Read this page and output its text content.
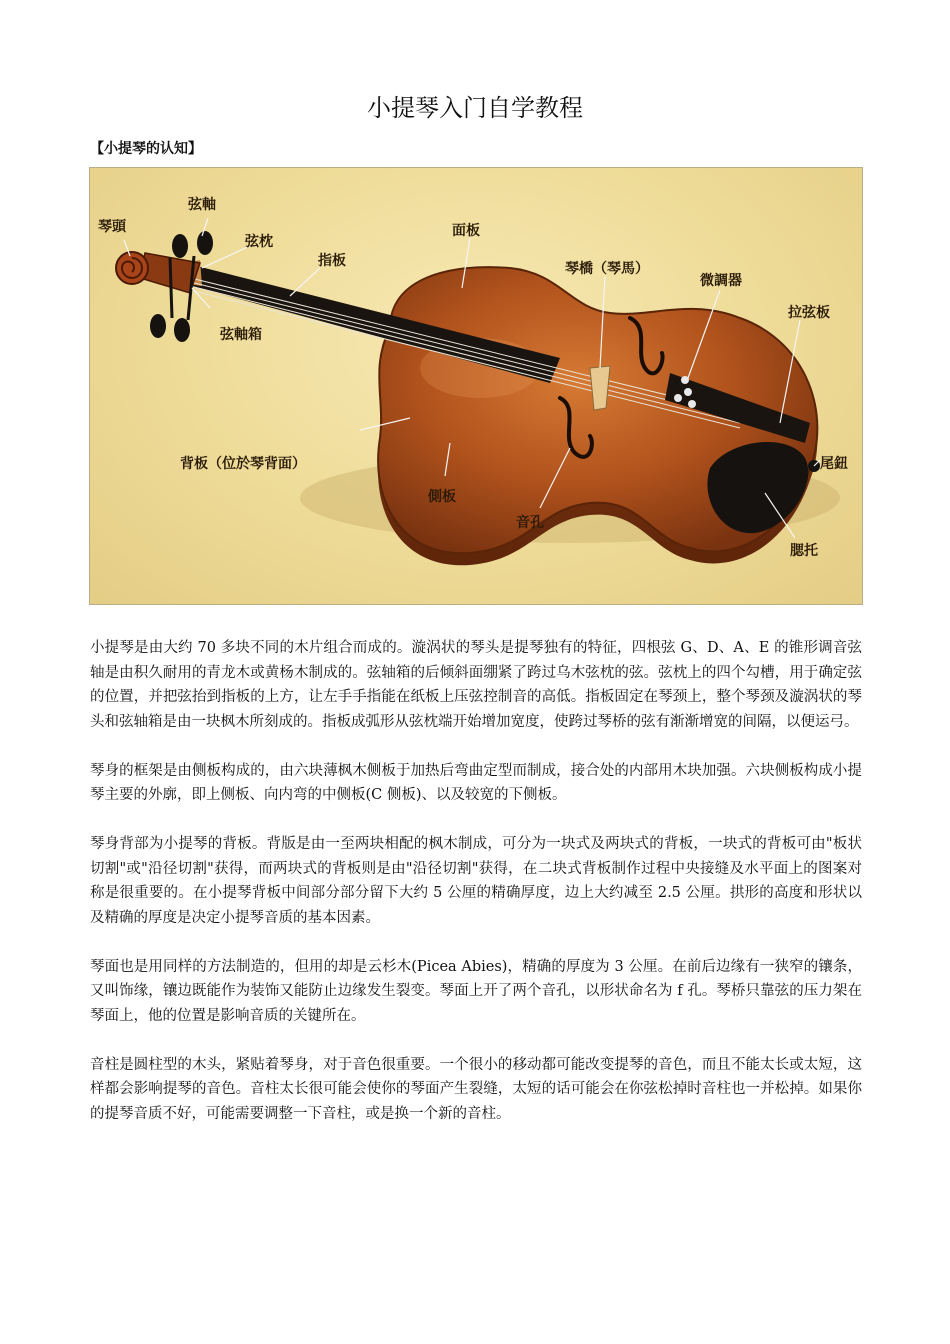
小提琴入门自学教程
【小提琴的认知】
琴頭
弦軸
弦枕
指板
面板
琴橋（琴馬）
微調器
拉弦板
弦軸箱
背板（位於琴背面）
側板
音孔
尾鈕
腮托

小提琴是由大约 70 多块不同的木片组合而成的。漩涡状的琴头是提琴独有的特征，四根弦 G、D、A、E 的锥形调音弦轴是由积久耐用的青龙木或黄杨木制成的。弦轴箱的后倾斜面绷紧了跨过乌木弦枕的弦。弦枕上的四个勾槽，用于确定弦的位置，并把弦抬到指板的上方，让左手手指能在纸板上压弦控制音的高低。指板固定在琴颈上，整个琴颈及漩涡状的琴头和弦轴箱是由一块枫木所刻成的。指板成弧形从弦枕端开始增加宽度，使跨过琴桥的弦有渐渐增宽的间隔，以便运弓。

琴身的框架是由侧板构成的，由六块薄枫木侧板于加热后弯曲定型而制成，接合处的内部用木块加强。六块侧板构成小提琴主要的外廓，即上侧板、向内弯的中侧板(C 侧板)、以及较宽的下侧板。

琴身背部为小提琴的背板。背版是由一至两块相配的枫木制成，可分为一块式及两块式的背板，一块式的背板可由"板状切割"或"沿径切割"获得，而两块式的背板则是由"沿径切割"获得，在二块式背板制作过程中央接缝及水平面上的图案对称是很重要的。在小提琴背板中间部分部分留下大约 5 公厘的精确厚度，边上大约减至 2.5 公厘。拱形的高度和形状以及精确的厚度是决定小提琴音质的基本因素。

琴面也是用同样的方法制造的，但用的却是云杉木(Picea Abies)，精确的厚度为 3 公厘。在前后边缘有一狭窄的镶条，又叫饰缘，镶边既能作为装饰又能防止边缘发生裂变。琴面上开了两个音孔，以形状命名为 f 孔。琴桥只靠弦的压力架在琴面上，他的位置是影响音质的关键所在。

音柱是圆柱型的木头，紧贴着琴身，对于音色很重要。一个很小的移动都可能改变提琴的音色，而且不能太长或太短，这样都会影响提琴的音色。音柱太长很可能会使你的琴面产生裂缝，太短的话可能会在你弦松掉时音柱也一并松掉。如果你的提琴音质不好，可能需要调整一下音柱，或是换一个新的音柱。
